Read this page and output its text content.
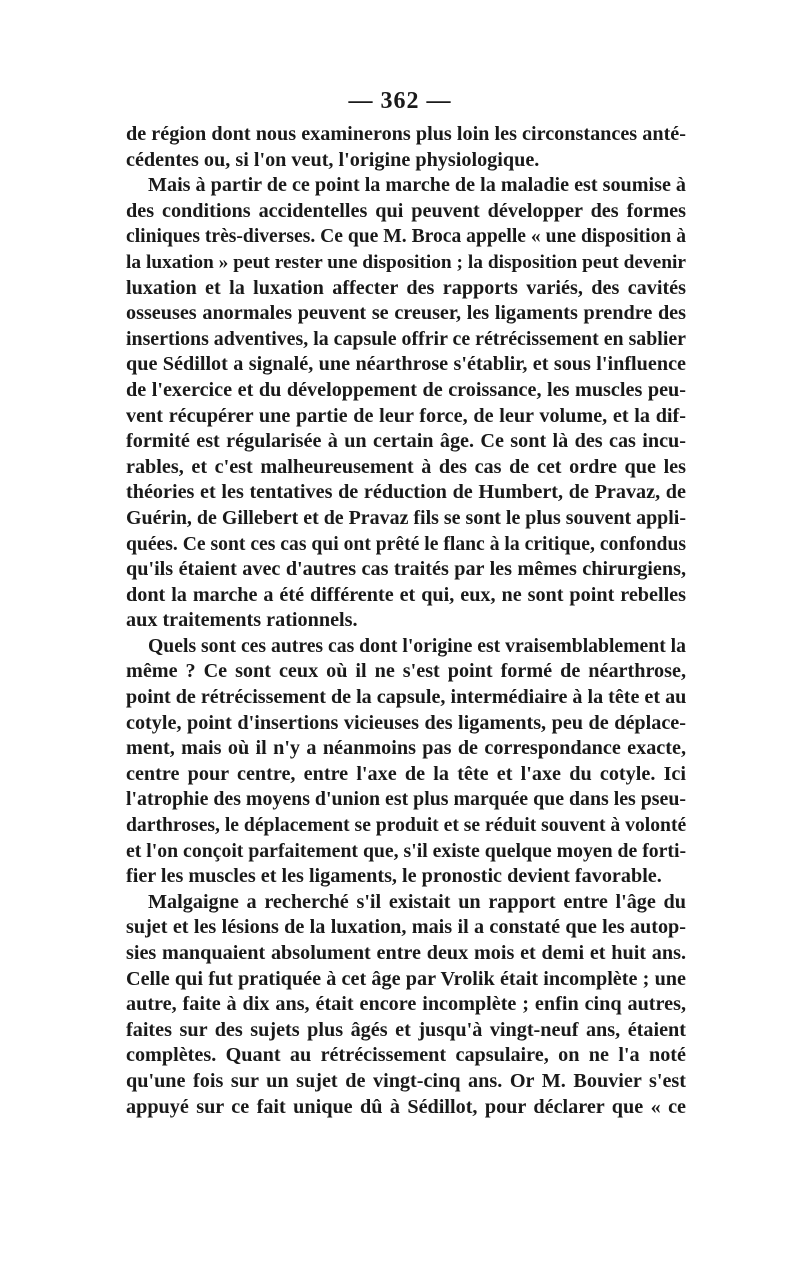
— 362 —
de région dont nous examinerons plus loin les circonstances anté-
cédentes ou, si l'on veut, l'origine physiologique.
Mais à partir de ce point la marche de la maladie est soumise à
des conditions accidentelles qui peuvent développer des formes
cliniques très-diverses. Ce que M. Broca appelle « une disposition à
la luxation » peut rester une disposition ; la disposition peut devenir
luxation et la luxation affecter des rapports variés, des cavités
osseuses anormales peuvent se creuser, les ligaments prendre des
insertions adventives, la capsule offrir ce rétrécissement en sablier
que Sédillot a signalé, une néarthrose s'établir, et sous l'influence
de l'exercice et du développement de croissance, les muscles peu-
vent récupérer une partie de leur force, de leur volume, et la dif-
formité est régularisée à un certain âge. Ce sont là des cas incu-
rables, et c'est malheureusement à des cas de cet ordre que les
théories et les tentatives de réduction de Humbert, de Pravaz, de
Guérin, de Gillebert et de Pravaz fils se sont le plus souvent appli-
quées. Ce sont ces cas qui ont prêté le flanc à la critique, confondus
qu'ils étaient avec d'autres cas traités par les mêmes chirurgiens,
dont la marche a été différente et qui, eux, ne sont point rebelles
aux traitements rationnels.
Quels sont ces autres cas dont l'origine est vraisemblablement la
même ? Ce sont ceux où il ne s'est point formé de néarthrose,
point de rétrécissement de la capsule, intermédiaire à la tête et au
cotyle, point d'insertions vicieuses des ligaments, peu de déplace-
ment, mais où il n'y a néanmoins pas de correspondance exacte,
centre pour centre, entre l'axe de la tête et l'axe du cotyle. Ici
l'atrophie des moyens d'union est plus marquée que dans les pseu-
darthroses, le déplacement se produit et se réduit souvent à volonté
et l'on conçoit parfaitement que, s'il existe quelque moyen de forti-
fier les muscles et les ligaments, le pronostic devient favorable.
Malgaigne a recherché s'il existait un rapport entre l'âge du
sujet et les lésions de la luxation, mais il a constaté que les autop-
sies manquaient absolument entre deux mois et demi et huit ans.
Celle qui fut pratiquée à cet âge par Vrolik était incomplète ; une
autre, faite à dix ans, était encore incomplète ; enfin cinq autres,
faites sur des sujets plus âgés et jusqu'à vingt-neuf ans, étaient
complètes. Quant au rétrécissement capsulaire, on ne l'a noté
qu'une fois sur un sujet de vingt-cinq ans. Or M. Bouvier s'est
appuyé sur ce fait unique dû à Sédillot, pour déclarer que « ce
